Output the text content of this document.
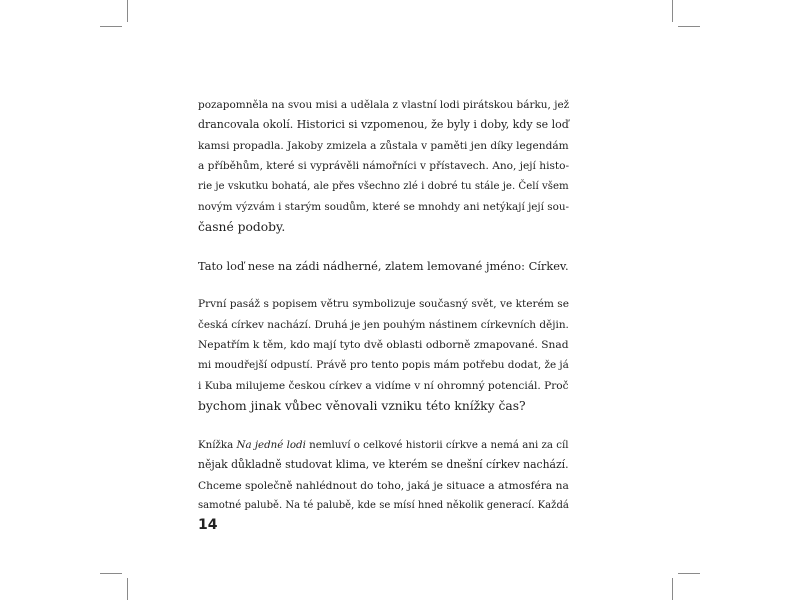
pozapomněla na svou misi a udělala z vlastní lodi pirátskou bárku, jež
drancovala okolí. Historici si vzpomenou, že byly i doby, kdy se loď
kamsi propadla. Jakoby zmizela a zůstala v paměti jen díky legendám
a příběhům, které si vyprávěli námořníci v přístavech. Ano, její histo-
rie je vskutku bohatá, ale přes všechno zlé i dobré tu stále je. Čelí všem
novým výzvám i starým soudům, které se mnohdy ani netýkají její sou-
časné podoby.

Tato loď nese na zádi nádherné, zlatem lemované jméno: Církev.

První pasáž s popisem větru symbolizuje současný svět, ve kterém se
česká církev nachází. Druhá je jen pouhým nástinem církevních dějin.
Nepatřím k těm, kdo mají tyto dvě oblasti odborně zmapované. Snad
mi moudřejší odpustí. Právě pro tento popis mám potřebu dodat, že já
i Kuba milujeme českou církev a vidíme v ní ohromný potenciál. Proč
bychom jinak vůbec věnovali vzniku této knížky čas?

Knížka Na jedné lodi nemluví o celkové historii církve a nemá ani za cíl
nějak důkladně studovat klima, ve kterém se dnešní církev nachází.
Chceme společně nahlédnout do toho, jaká je situace a atmosféra na
samotné palubě. Na té palubě, kde se mísí hned několik generací. Každá

14
